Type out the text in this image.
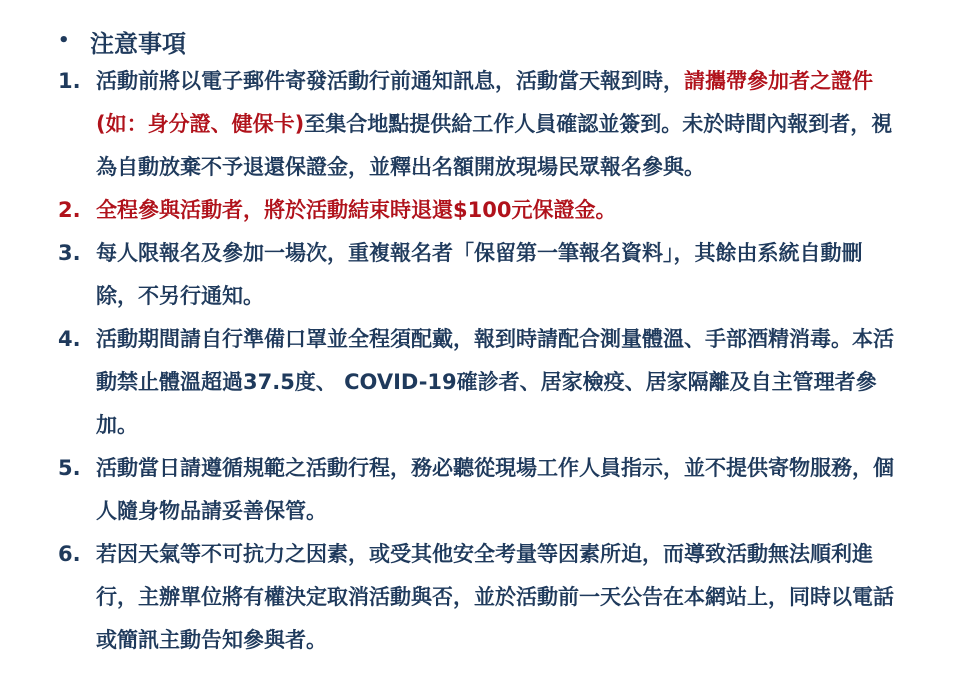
• 注意事項
1. 活動前將以電子郵件寄發活動行前通知訊息，活動當天報到時，請攜帶參加者之證件(如：身分證、健保卡)至集合地點提供給工作人員確認並簽到。未於時間內報到者，視為自動放棄不予退還保證金，並釋出名額開放現場民眾報名參與。
2. 全程參與活動者，將於活動結束時退還$100元保證金。
3. 每人限報名及參加一場次，重複報名者「保留第一筆報名資料」，其餘由系統自動刪除，不另行通知。
4. 活動期間請自行準備口罩並全程須配戴，報到時請配合測量體溫、手部酒精消毒。本活動禁止體溫超過37.5度、 COVID-19確診者、居家檢疫、居家隔離及自主管理者參加。
5. 活動當日請遵循規範之活動行程，務必聽從現場工作人員指示，並不提供寄物服務，個人隨身物品請妥善保管。
6. 若因天氣等不可抗力之因素，或受其他安全考量等因素所迫，而導致活動無法順利進行，主辦單位將有權決定取消活動與否，並於活動前一天公告在本網站上，同時以電話或簡訊主動告知參與者。
